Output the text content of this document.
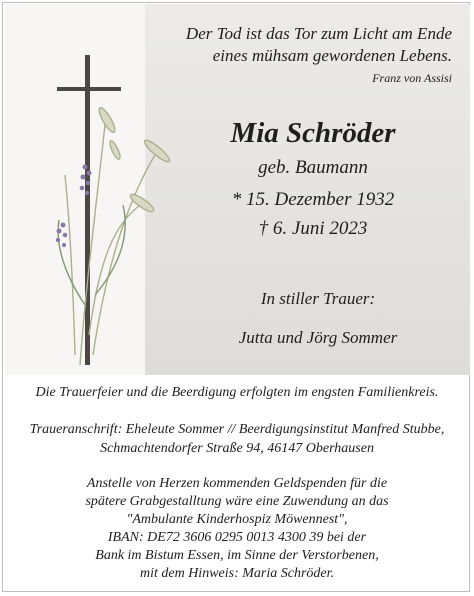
Der Tod ist das Tor zum Licht am Ende
eines mühsam gewordenen Lebens.
Franz von Assisi
Mia Schröder
geb. Baumann
* 15. Dezember 1932
† 6. Juni 2023
In stiller Trauer:
Jutta und Jörg Sommer
Die Trauerfeier und die Beerdigung erfolgten im engsten Familienkreis.
Traueranschrift: Eheleute Sommer // Beerdigungsinstitut Manfred Stubbe,
Schmachtendorfer Straße 94, 46147 Oberhausen
Anstelle von Herzen kommenden Geldspenden für die
spätere Grabgestalltung wäre eine Zuwendung an das
"Ambulante Kinderhospiz Möwennest",
IBAN: DE72 3606 0295 0013 4300 39 bei der
Bank im Bistum Essen, im Sinne der Verstorbenen,
mit dem Hinweis: Maria Schröder.
